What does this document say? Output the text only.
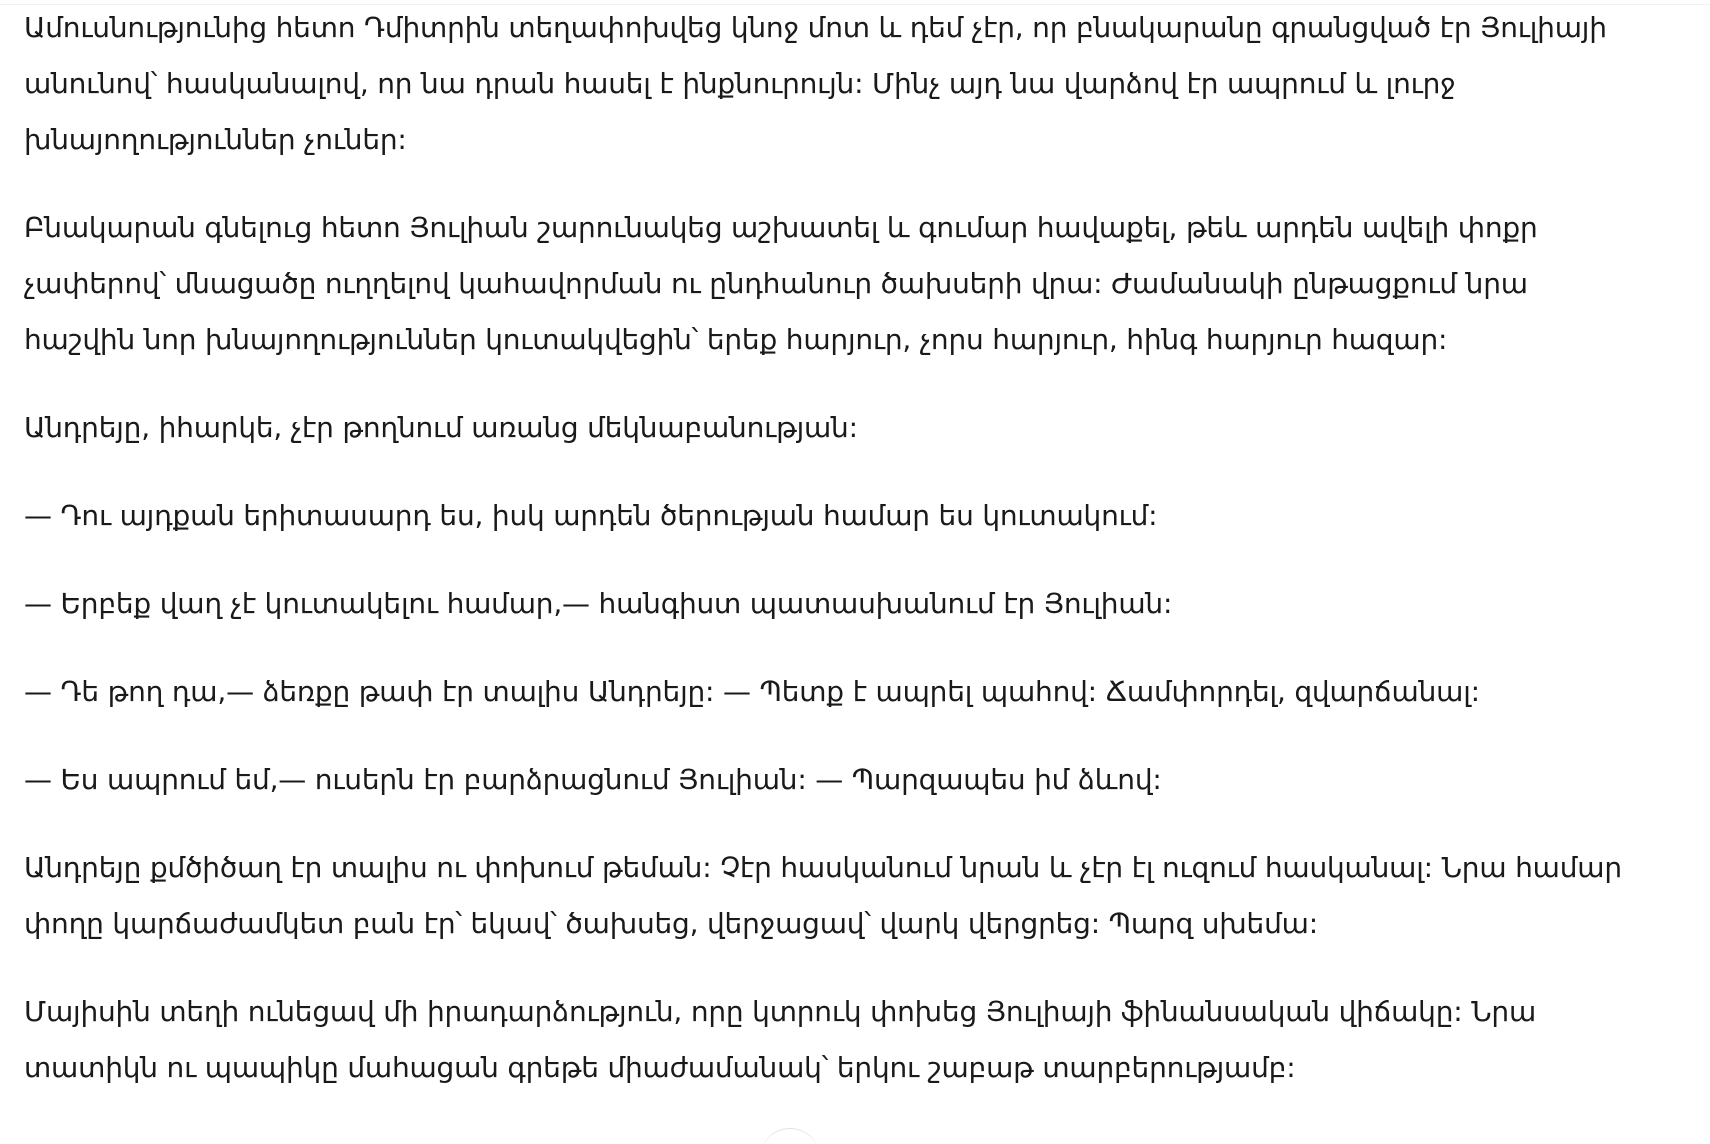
Ամուսնությունից հետո Դմիտրին տեղափոխվեց կնոջ մոտ և դեմ չէր, որ բնակարանը գրանցված էր Յուլիայի անունով՝ հասկանալով, որ նա դրան հասել է ինքնուրույն: Մինչ այդ նա վարձով էր ապրում և լուրջ խնայողություններ չուներ:

Բնակարան գնելուց հետո Յուլիան շարունակեց աշխատել և գումար հավաքել, թեև արդեն ավելի փոքր չափերով՝ մնացածը ուղղելով կահավորման ու ընդհանուր ծախսերի վրա: Ժամանակի ընթացքում նրա հաշվին նոր խնայողություններ կուտակվեցին՝ երեք հարյուր, չորս հարյուր, հինգ հարյուր հազար:

Անդրեյը, իհարկե, չէր թողնում առանց մեկնաբանության:

— Դու այդքան երիտասարդ ես, իսկ արդեն ծերության համար ես կուտակում:

— Երբեք վաղ չէ կուտակելու համար,— հանգիստ պատասխանում էր Յուլիան:

— Դե թող դա,— ձեռքը թափ էր տալիս Անդրեյը: — Պետք է ապրել պահով: Ճամփորդել, զվարճանալ:

— Ես ապրում եմ,— ուսերն էր բարձրացնում Յուլիան: — Պարզապես իմ ձևով:

Անդրեյը քմծիծաղ էր տալիս ու փոխում թեման: Չէր հասկանում նրան և չէր էլ ուզում հասկանալ: Նրա համար փողը կարճաժամկետ բան էր՝ եկավ՝ ծախսեց, վերջացավ՝ վարկ վերցրեց: Պարզ սխեմա:

Մայիսին տեղի ունեցավ մի իրադարձություն, որը կտրուկ փոխեց Յուլիայի ֆինանսական վիճակը: Նրա տատիկն ու պապիկը մահացան գրեթե միաժամանակ՝ երկու շաբաթ տարբերությամբ:
